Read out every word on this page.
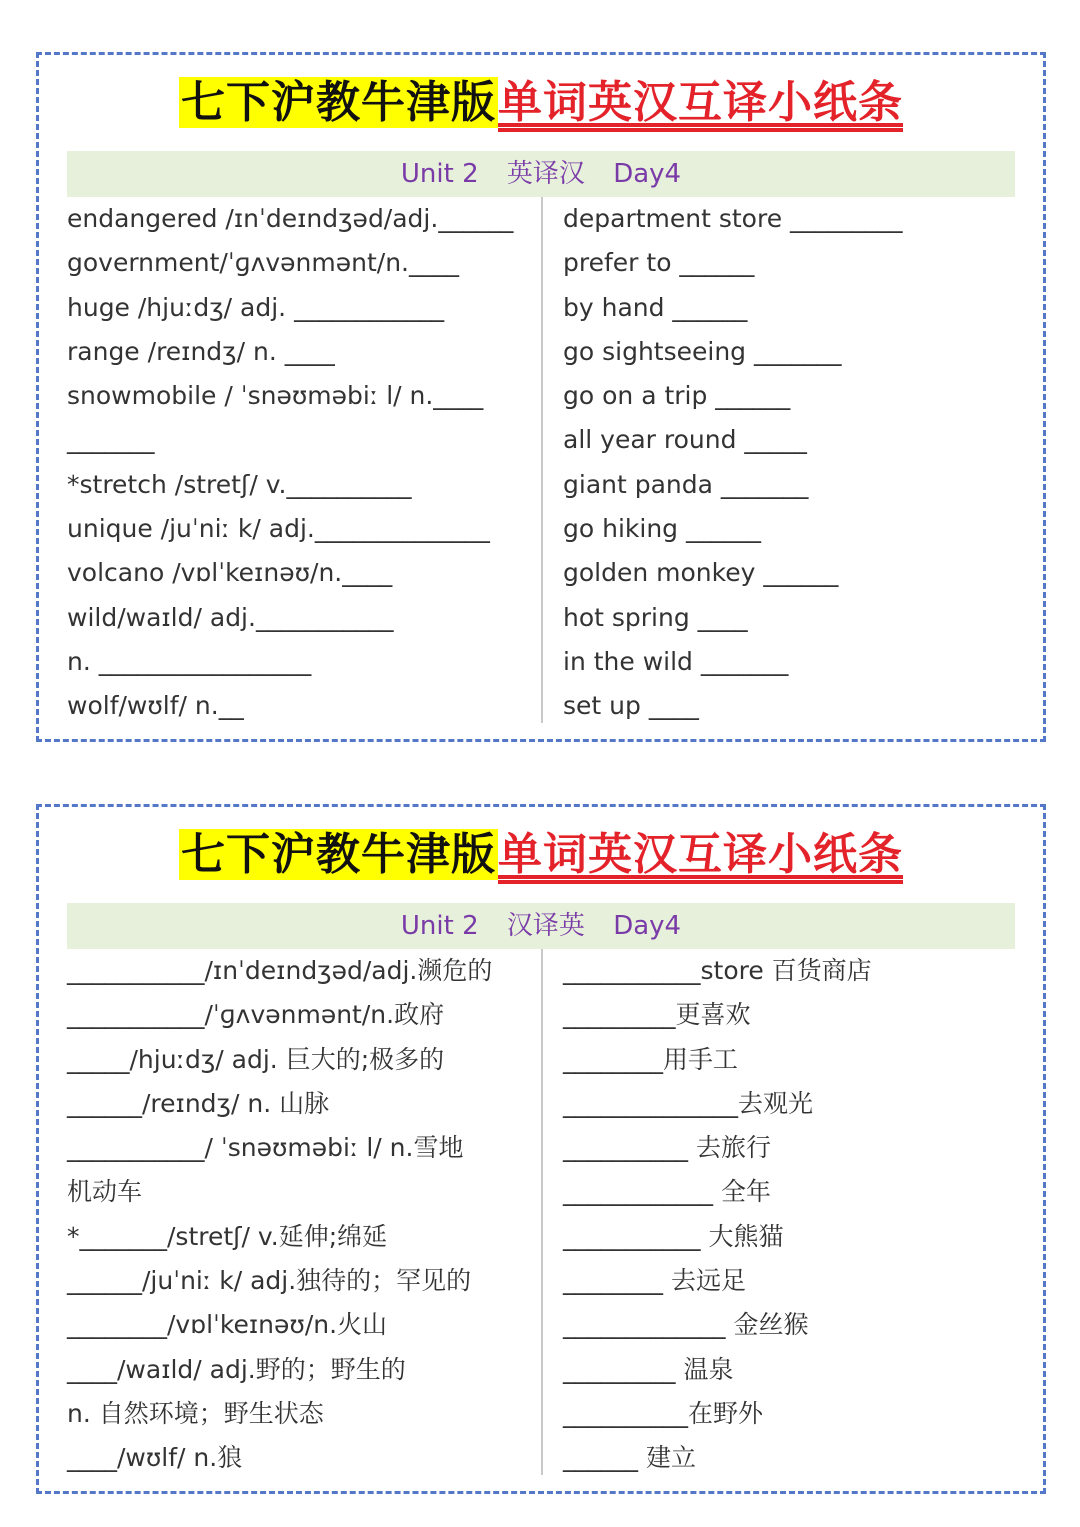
七下沪教牛津版单词英汉互译小纸条
Unit 2 英译汉 Day4
endangered /ɪnˈdeɪndʒəd/adj.______
government/ˈɡʌvənmənt/n.____
huge /hjuːdʒ/ adj. ____________
range /reɪndʒ/ n. ____
snowmobile / ˈsnəʊməbiː l/ n.____
_______
*stretch /stretʃ/ v.__________
unique /juˈniː k/ adj.______________
volcano /vɒlˈkeɪnəʊ/n.____
wild/waɪld/ adj.___________
n. _________________
wolf/wʊlf/ n.__
department store _________
prefer to ______
by hand ______
go sightseeing _______
go on a trip ______
all year round _____
giant panda _______
go hiking ______
golden monkey ______
hot spring ____
in the wild _______
set up ____
七下沪教牛津版单词英汉互译小纸条
Unit 2 汉译英 Day4
___________/ɪnˈdeɪndʒəd/adj.濒危的
___________/ˈɡʌvənmənt/n.政府
_____/hjuːdʒ/ adj. 巨大的;极多的
______/reɪndʒ/ n. 山脉
___________/ ˈsnəʊməbiː l/ n.雪地
机动车
*_______/stretʃ/ v.延伸;绵延
______/juˈniː k/ adj.独待的；罕见的
________/vɒlˈkeɪnəʊ/n.火山
____/waɪld/ adj.野的；野生的
n. 自然环境；野生状态
____/wʊlf/ n.狼
___________store 百货商店
_________更喜欢
________用手工
______________去观光
__________ 去旅行
____________ 全年
___________ 大熊猫
________ 去远足
_____________ 金丝猴
_________ 温泉
__________在野外
______ 建立
